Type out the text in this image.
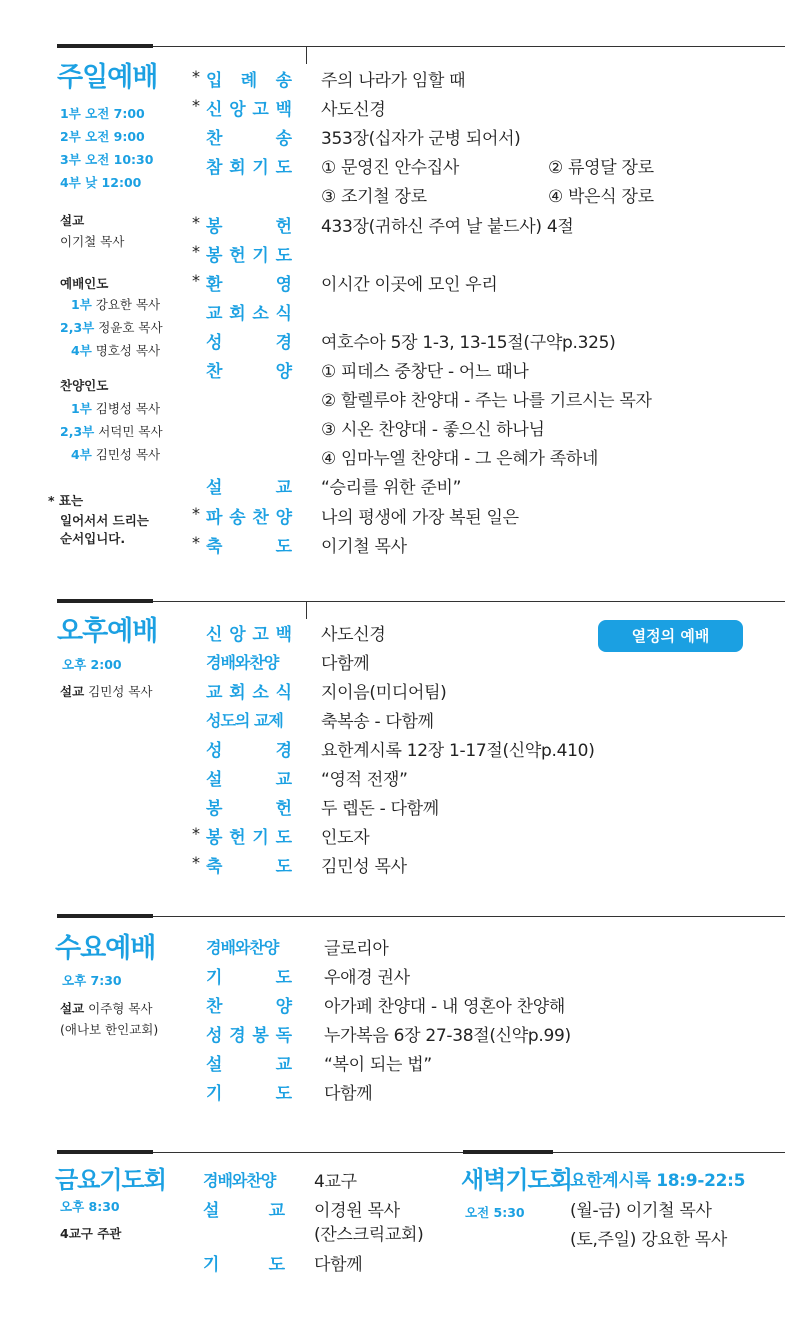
주일예배
1부 오전 7:00
2부 오전 9:00
3부 오전 10:30
4부 낮 12:00
설교
이기철 목사
예배인도
1부 강요한 목사
2,3부 정윤호 목사
4부 명호성 목사
찬양인도
1부 김병성 목사
2,3부 서덕민 목사
4부 김민성 목사
* 표는
일어서서 드리는
순서입니다.
* 입 례 송 주의 나라가 임할 때
* 신 앙 고 백 사도신경
찬	송 353장(십자가 군병 되어서)
참 회 기 도 ① 문영진 안수집사	② 류영달 장로
③ 조기철 장로	④ 박은식 장로
* 봉	헌 433장(귀하신 주여 날 붙드사) 4절
* 봉 헌 기 도
* 환	영 이시간 이곳에 모인 우리
교 회 소 식
성	경 여호수아 5장 1-3, 13-15절(구약p.325)
찬	양 ① 피데스 중창단 - 어느 때나
② 할렐루야 찬양대 - 주는 나를 기르시는 목자
③ 시온 찬양대 - 좋으신 하나님
④ 임마누엘 찬양대 - 그 은혜가 족하네
설	교 “승리를 위한 준비”
* 파 송 찬 양 나의 평생에 가장 복된 일은
* 축	도 이기철 목사
오후예배
오후 2:00
설교 김민성 목사
열정의 예배
신 앙 고 백 사도신경
경배와찬양	다함께
교 회 소 식 지이음(미디어팀)
성도의 교제	축복송 - 다함께
성	경 요한계시록 12장 1-17절(신약p.410)
설	교 “영적 전쟁”
봉	헌 두 렙돈 - 다함께
* 봉 헌 기 도 인도자
* 축	도 김민성 목사
수요예배
오후 7:30
설교 이주형 목사
(애나보 한인교회)
경배와찬양	글로리아
기	도 우애경 권사
찬	양 아가페 찬양대 - 내 영혼아 찬양해
성 경 봉 독 누가복음 6장 27-38절(신약p.99)
설	교 “복이 되는 법”
기	도 다함께
금요기도회
오후 8:30
4교구 주관
경배와찬양	4교구
설	교 이경원 목사
(잔스크릭교회)
기	도 다함께
새벽기도회
오전 5:30
요한계시록 18:9-22:5
(월-금) 이기철 목사
(토,주일) 강요한 목사
